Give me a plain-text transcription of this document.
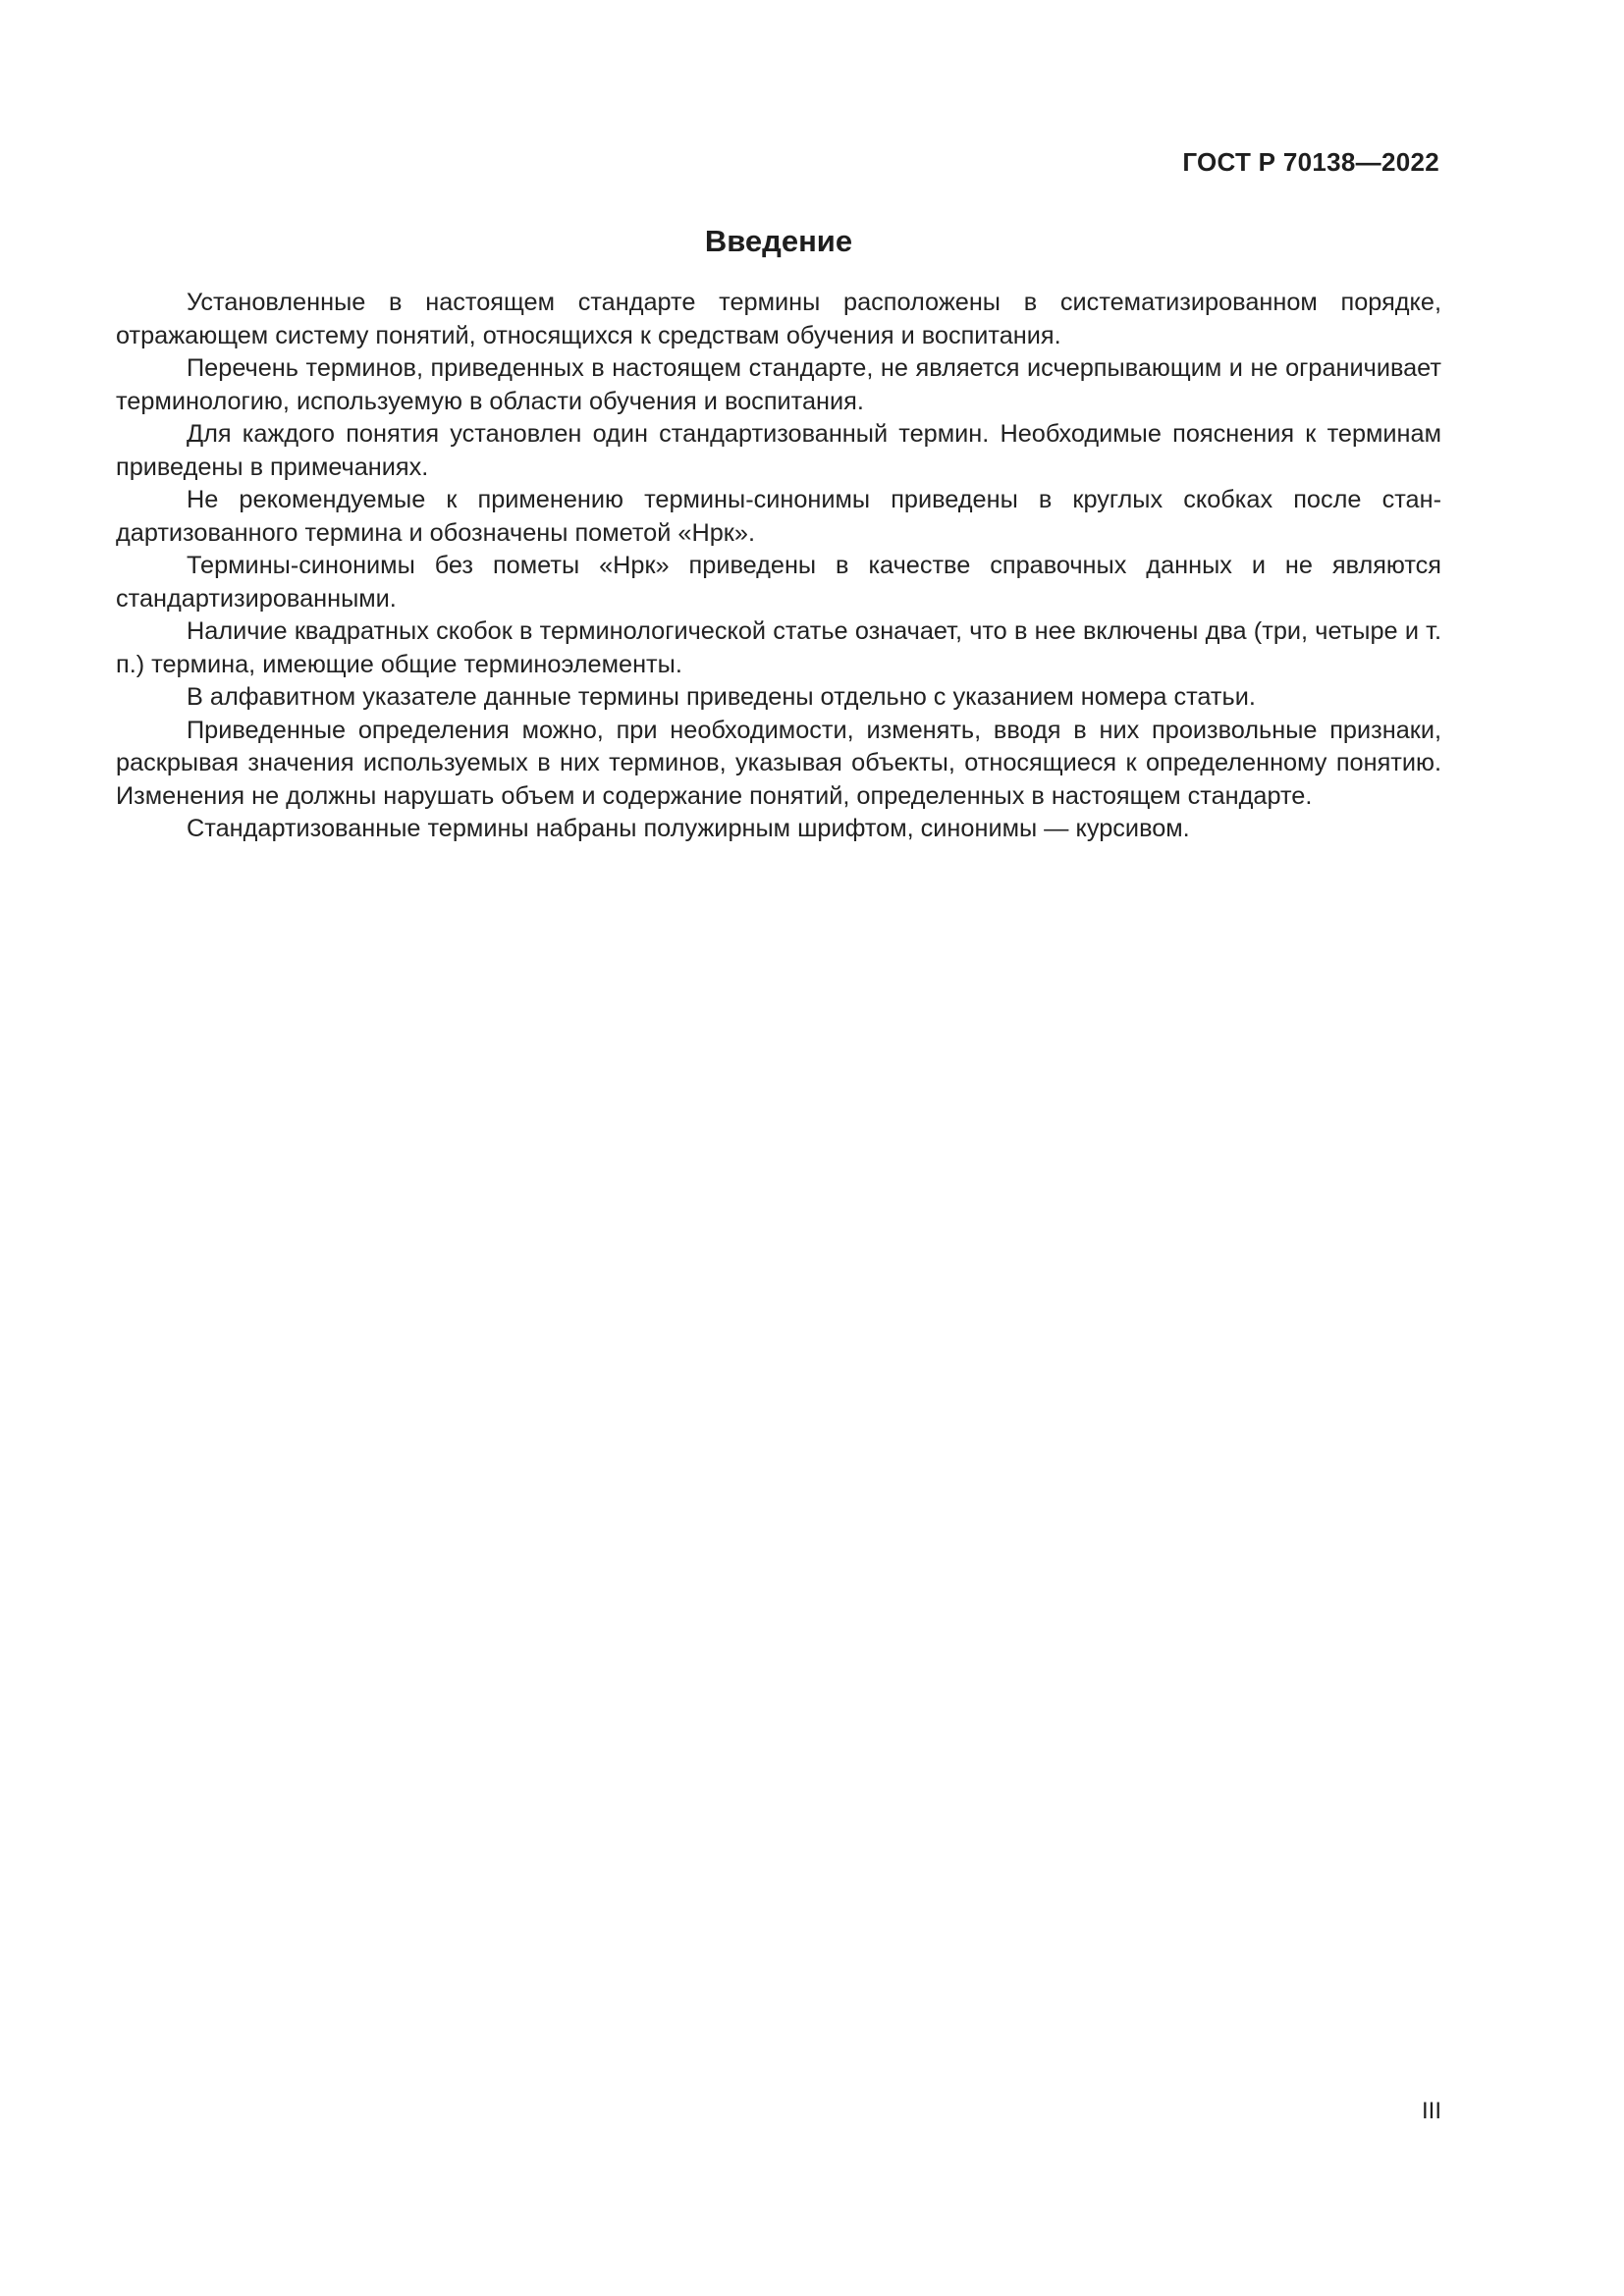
ГОСТ Р 70138—2022
Введение

Установленные в настоящем стандарте термины расположены в систематизированном порядке, отражающем систему понятий, относящихся к средствам обучения и воспитания.

Перечень терминов, приведенных в настоящем стандарте, не является исчерпывающим и не ограничивает терминологию, используемую в области обучения и воспитания.

Для каждого понятия установлен один стандартизованный термин. Необходимые пояснения к терминам приведены в примечаниях.

Не рекомендуемые к применению термины-синонимы приведены в круглых скобках после стандартизованного термина и обозначены пометой «Нрк».

Термины-синонимы без пометы «Нрк» приведены в качестве справочных данных и не являются стандартизированными.

Наличие квадратных скобок в терминологической статье означает, что в нее включены два (три, четыре и т. п.) термина, имеющие общие терминоэлементы.

В алфавитном указателе данные термины приведены отдельно с указанием номера статьи.

Приведенные определения можно, при необходимости, изменять, вводя в них произвольные признаки, раскрывая значения используемых в них терминов, указывая объекты, относящиеся к определенному понятию. Изменения не должны нарушать объем и содержание понятий, определенных в настоящем стандарте.

Стандартизованные термины набраны полужирным шрифтом, синонимы — курсивом.

III
